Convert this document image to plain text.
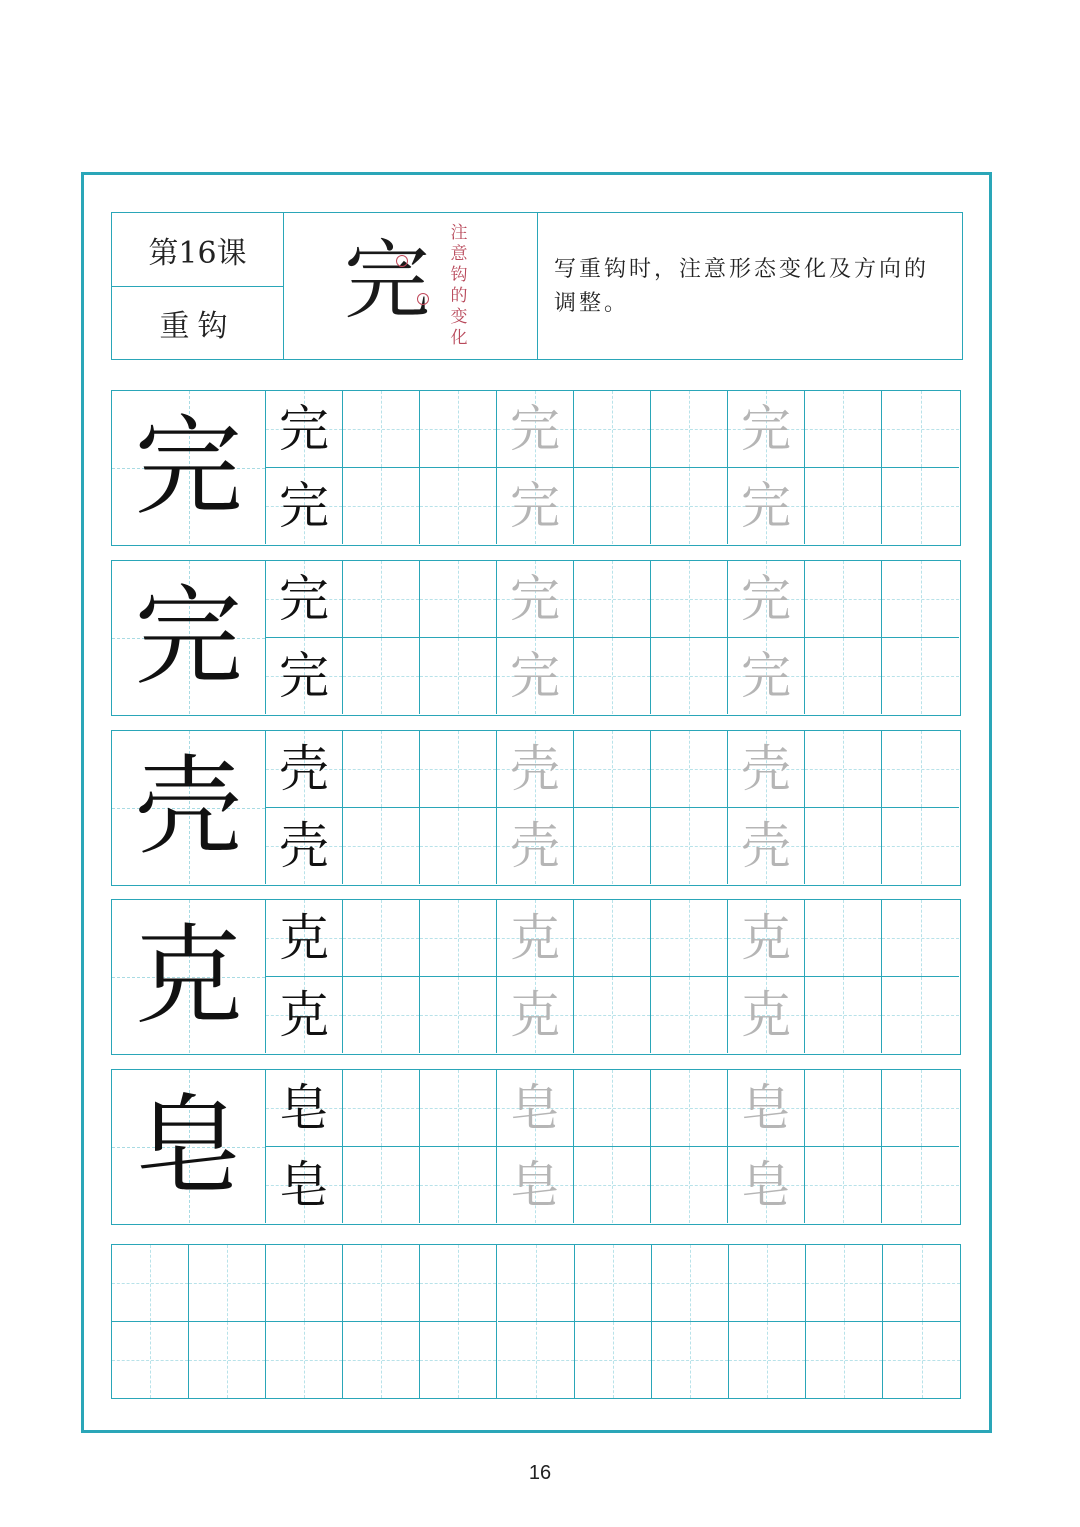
第16课
重钩	完 注意钩的变化
写重钩时，注意形态变化及方向的调整。
完 完	完	完
完	完	完
完 完	完	完
完	完	完
壳 壳	壳	壳
壳	壳	壳
克 克	克	克
克	克	克
皂 皂	皂	皂
皂	皂	皂
16
